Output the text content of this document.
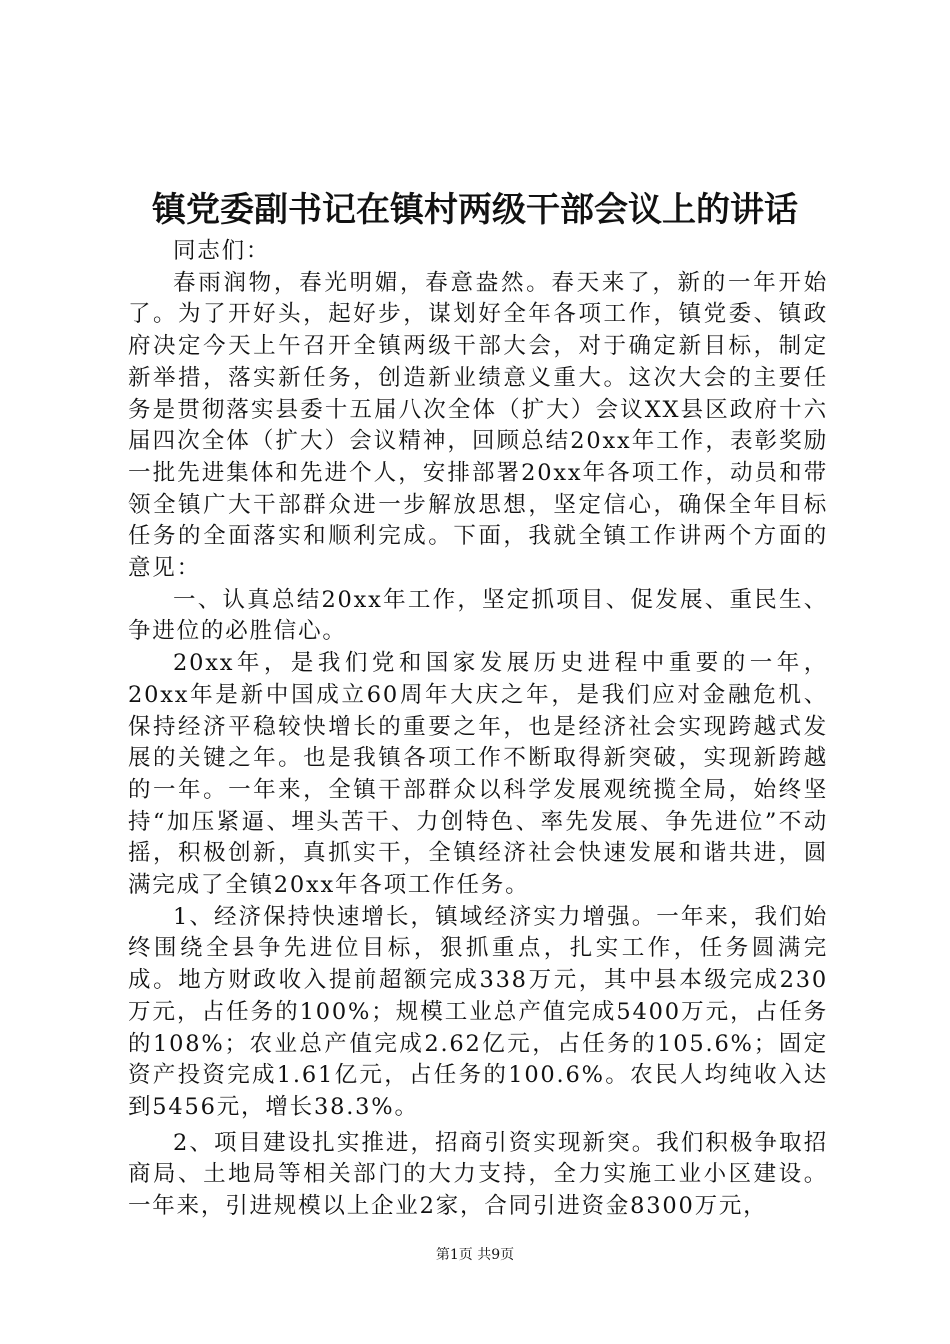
镇党委副书记在镇村两级干部会议上的讲话

同志们：

春雨润物，春光明媚，春意盎然。春天来了，新的一年开始了。为了开好头，起好步，谋划好全年各项工作，镇党委、镇政府决定今天上午召开全镇两级干部大会，对于确定新目标，制定新举措，落实新任务，创造新业绩意义重大。这次大会的主要任务是贯彻落实县委十五届八次全体（扩大）会议XX县区政府十六届四次全体（扩大）会议精神，回顾总结20xx年工作，表彰奖励一批先进集体和先进个人，安排部署20xx年各项工作，动员和带领全镇广大干部群众进一步解放思想，坚定信心，确保全年目标任务的全面落实和顺利完成。下面，我就全镇工作讲两个方面的意见：

一、认真总结20xx年工作，坚定抓项目、促发展、重民生、争进位的必胜信心。

20xx年，是我们党和国家发展历史进程中重要的一年，20xx年是新中国成立60周年大庆之年，是我们应对金融危机、保持经济平稳较快增长的重要之年，也是经济社会实现跨越式发展的关键之年。也是我镇各项工作不断取得新突破，实现新跨越的一年。一年来，全镇干部群众以科学发展观统揽全局，始终坚持“加压紧逼、埋头苦干、力创特色、率先发展、争先进位”不动摇，积极创新，真抓实干，全镇经济社会快速发展和谐共进，圆满完成了全镇20xx年各项工作任务。

1、经济保持快速增长，镇域经济实力增强。一年来，我们始终围绕全县争先进位目标，狠抓重点，扎实工作，任务圆满完成。地方财政收入提前超额完成338万元，其中县本级完成230万元，占任务的100%；规模工业总产值完成5400万元，占任务的108%；农业总产值完成2.62亿元，占任务的105.6%；固定资产投资完成1.61亿元，占任务的100.6%。农民人均纯收入达到5456元，增长38.3%。

2、项目建设扎实推进，招商引资实现新突。我们积极争取招商局、土地局等相关部门的大力支持，全力实施工业小区建设。一年来，引进规模以上企业2家，合同引进资金8300万元，

第1页 共9页
